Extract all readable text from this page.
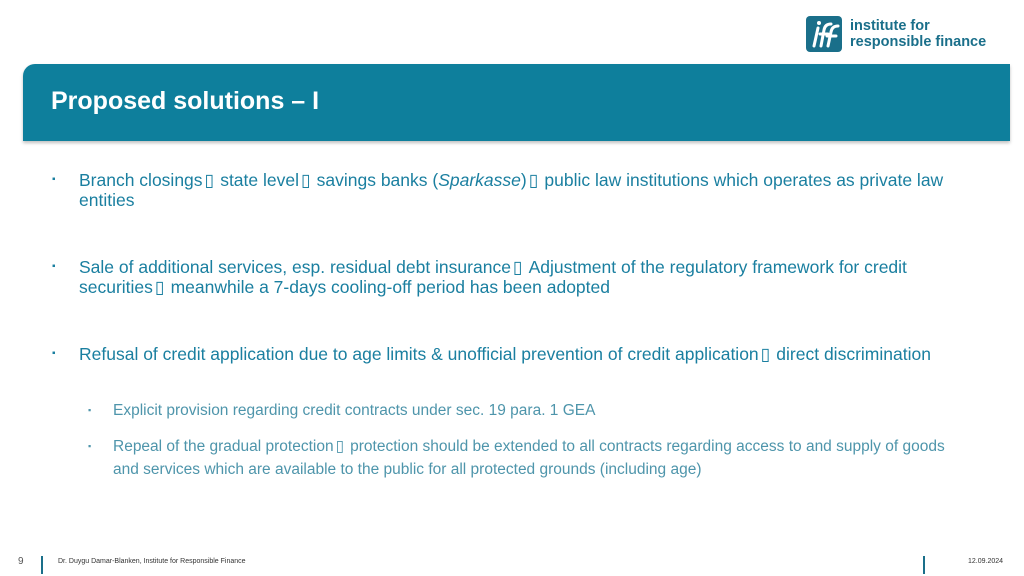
institute for
responsible finance
Proposed solutions – I
▪	Branch closings ▯ state level ▯ savings banks (Sparkasse) ▯ public law institutions which operates as private law entities
▪	Sale of additional services, esp. residual debt insurance ▯ Adjustment of the regulatory framework for credit securities ▯ meanwhile a 7-days cooling-off period has been adopted
▪	Refusal of credit application due to age limits & unofficial prevention of credit application ▯ direct discrimination
▪	Explicit provision regarding credit contracts under sec. 19 para. 1 GEA
▪	Repeal of the gradual protection ▯ protection should be extended to all contracts regarding access to and supply of goods and services which are available to the public for all protected grounds (including age)
9	Dr. Duygu Damar-Blanken, Institute for Responsible Finance	12.09.2024
